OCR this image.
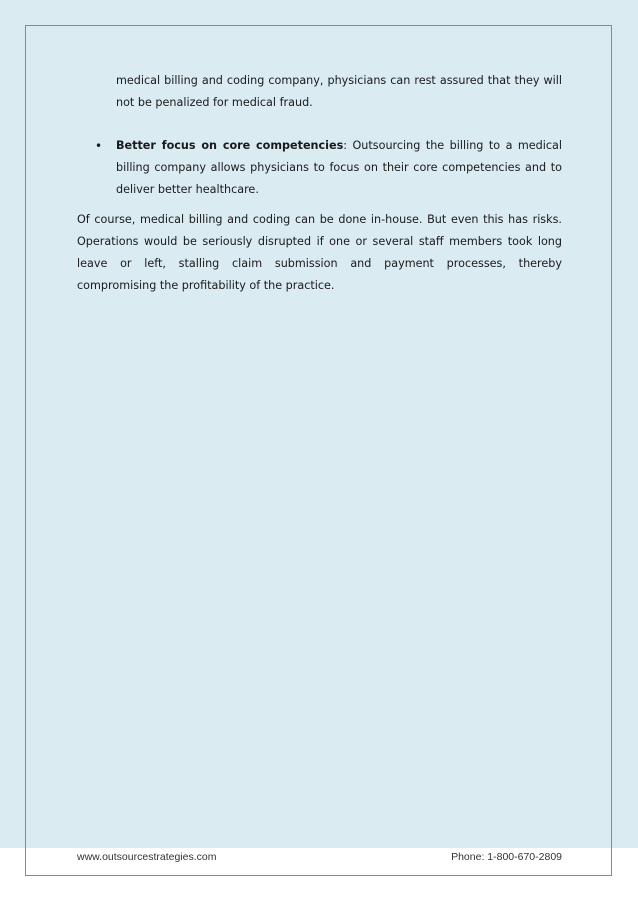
medical billing and coding company, physicians can rest assured that they will not be penalized for medical fraud.

• Better focus on core competencies: Outsourcing the billing to a medical billing company allows physicians to focus on their core competencies and to deliver better healthcare.

Of course, medical billing and coding can be done in-house. But even this has risks. Operations would be seriously disrupted if one or several staff members took long leave or left, stalling claim submission and payment processes, thereby compromising the profitability of the practice.

www.outsourcestrategies.com	Phone: 1-800-670-2809
